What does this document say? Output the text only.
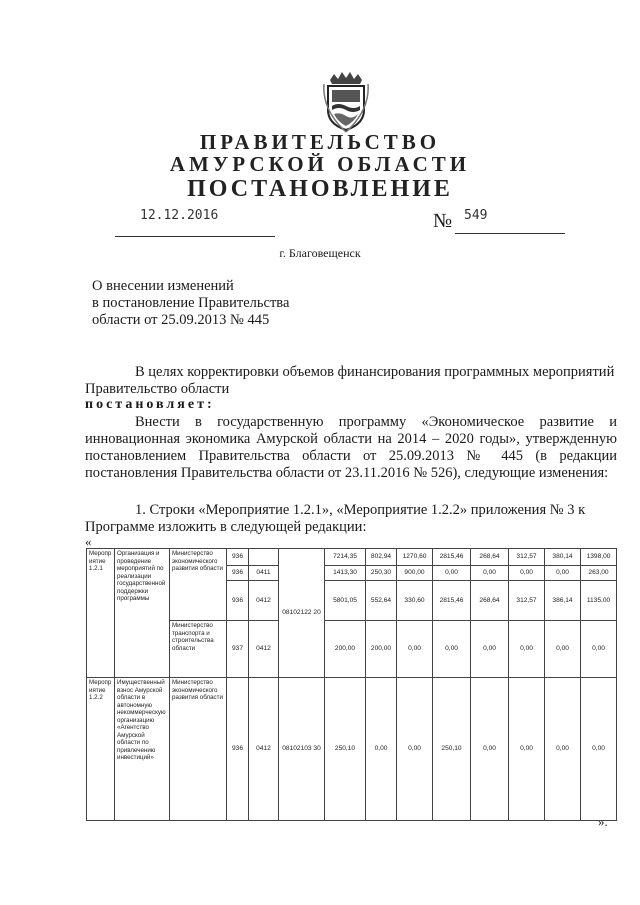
ПРАВИТЕЛЬСТВО
АМУРСКОЙ ОБЛАСТИ
ПОСТАНОВЛЕНИЕ
12.12.2016	№ 549
г. Благовещенск
О внесении изменений
в постановление Правительства
области от 25.09.2013 № 445
В целях корректировки объемов финансирования программных мероприятий Правительство области
постановляет:
Внести в государственную программу «Экономическое развитие и инновационная экономика Амурской области на 2014 – 2020 годы», утвержденную постановлением Правительства области от 25.09.2013 № 445 (в редакции постановления Правительства области от 23.11.2016 № 526), следующие изменения:
1. Строки «Мероприятие 1.2.1», «Мероприятие 1.2.2» приложения № 3 к Программе изложить в следующей редакции:
«
Мероприятие 1.2.1	Организация и проведение мероприятий по реализации государственной поддержки программы	Министерство экономического развития области	936		08102122 20	7214,35	802,94	1270,60	2815,46	268,64	312,57	380,14	1398,00
			936	0411		1413,30	250,30	900,00	0,00	0,00	0,00	0,00	263,00
			936	0412		5801,05	552,64	330,60	2815,46	268,64	312,57	386,14	1135,00
		Министерство транспорта и строительства области	937	0412		200,00	200,00	0,00	0,00	0,00	0,00	0,00	0,00
Мероприятие 1.2.2	Имущественный взнос Амурской области в автономную некоммерческую организацию «Агентство Амурской области по привлечению инвестиций»	Министерство экономического развития области	936	0412	08102103 30	250,10	0,00	0,00	250,10	0,00	0,00	0,00	0,00
».
